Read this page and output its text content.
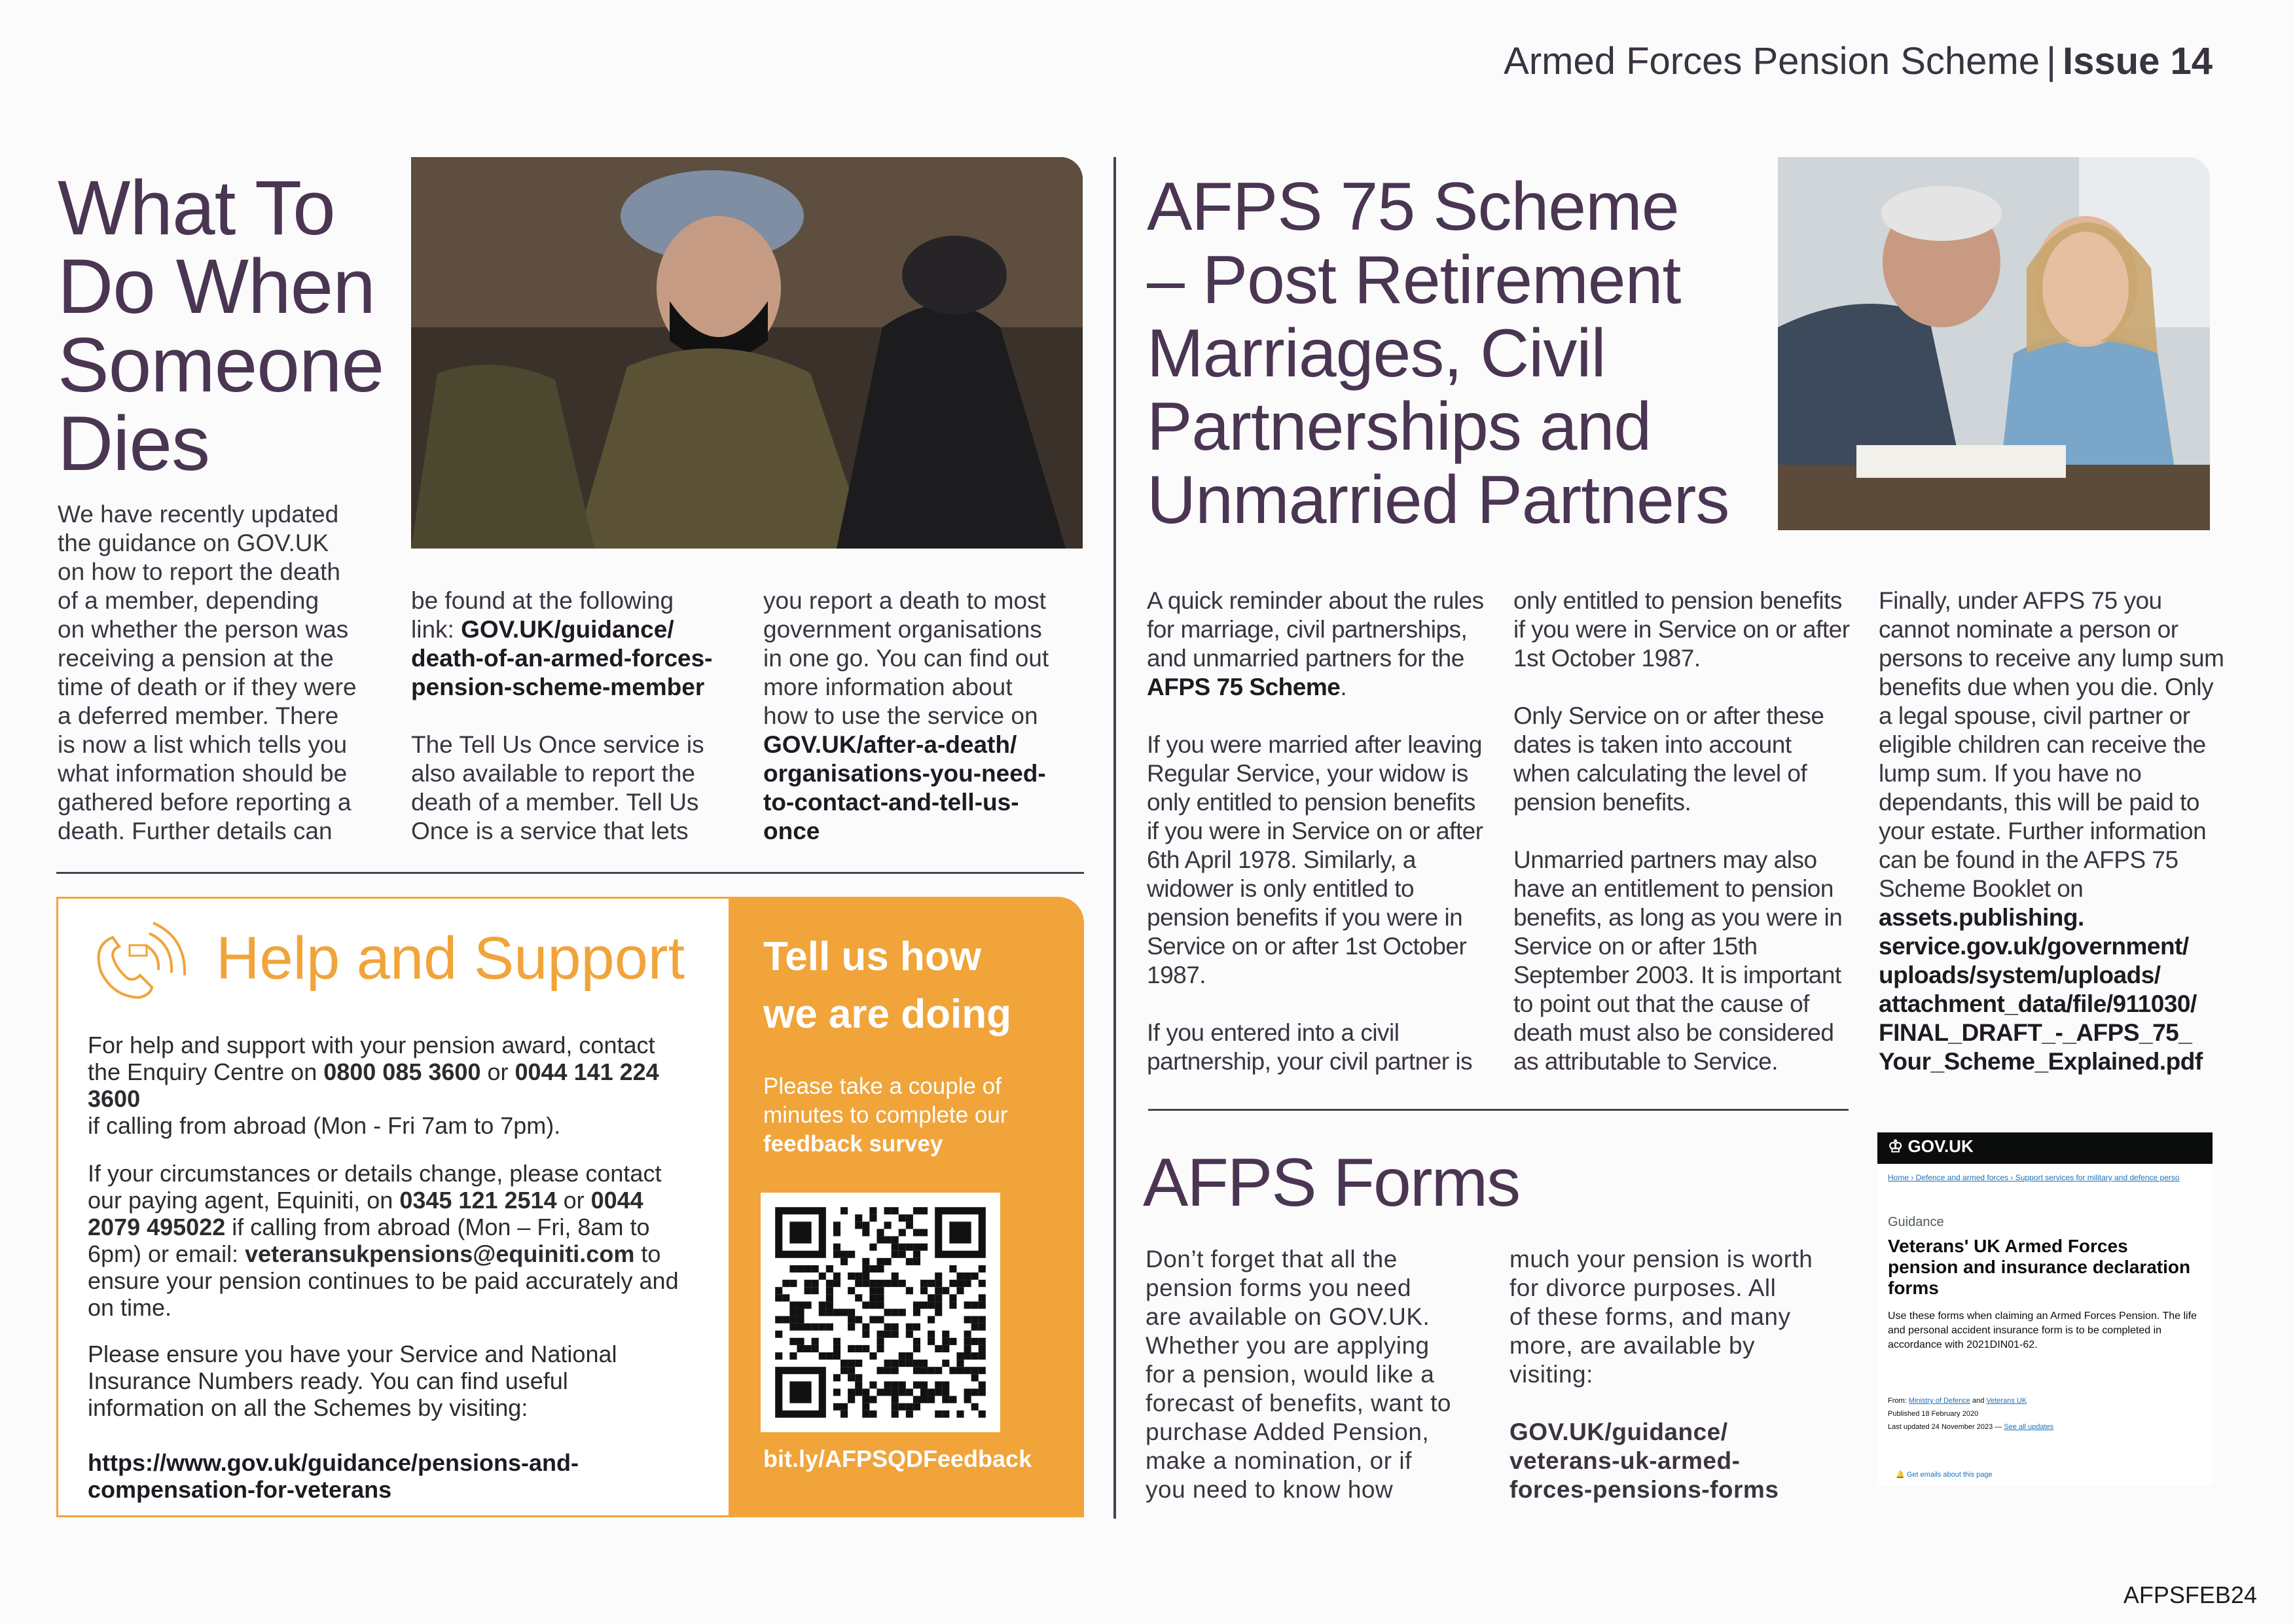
Armed Forces Pension Scheme | Issue 14
What To
Do When
Someone
Dies
We have recently updated
the guidance on GOV.UK
on how to report the death
of a member, depending
on whether the person was
receiving a pension at the
time of death or if they were
a deferred member. There
is now a list which tells you
what information should be
gathered before reporting a
death. Further details can
be found at the following
link: GOV.UK/guidance/
death-of-an-armed-forces-
pension-scheme-member
The Tell Us Once service is
also available to report the
death of a member. Tell Us
Once is a service that lets
you report a death to most
government organisations
in one go. You can find out
more information about
how to use the service on
GOV.UK/after-a-death/
organisations-you-need-
to-contact-and-tell-us-
once
Help and Support
For help and support with your pension award, contact the Enquiry Centre on 0800 085 3600 or 0044 141 224 3600
if calling from abroad (Mon - Fri 7am to 7pm).
If your circumstances or details change, please contact our paying agent, Equiniti, on 0345 121 2514 or 0044 2079 495022 if calling from abroad (Mon – Fri, 8am to 6pm) or email: veteransukpensions@equiniti.com to ensure your pension continues to be paid accurately and on time.
Please ensure you have your Service and National Insurance Numbers ready. You can find useful information on all the Schemes by visiting:
https://www.gov.uk/guidance/pensions-and-compensation-for-veterans
Tell us how
we are doing
Please take a couple of minutes to complete our feedback survey
bit.ly/AFPSQDFeedback
AFPS 75 Scheme
– Post Retirement
Marriages, Civil
Partnerships and
Unmarried Partners

A quick reminder about the rules for marriage, civil partnerships, and unmarried partners for the AFPS 75 Scheme.

If you were married after leaving Regular Service, your widow is only entitled to pension benefits if you were in Service on or after 6th April 1978. Similarly, a widower is only entitled to pension benefits if you were in Service on or after 1st October 1987.

If you entered into a civil partnership, your civil partner is

only entitled to pension benefits if you were in Service on or after 1st October 1987.

Only Service on or after these dates is taken into account when calculating the level of pension benefits.

Unmarried partners may also have an entitlement to pension benefits, as long as you were in Service on or after 15th September 2003. It is important to point out that the cause of death must also be considered as attributable to Service.

Finally, under AFPS 75 you cannot nominate a person or persons to receive any lump sum benefits due when you die. Only a legal spouse, civil partner or eligible children can receive the lump sum. If you have no dependants, this will be paid to your estate. Further information can be found in the AFPS 75 Scheme Booklet on assets.publishing.
service.gov.uk/government/
uploads/system/uploads/
attachment_data/file/911030/
FINAL_DRAFT_-_AFPS_75_
Your_Scheme_Explained.pdf
AFPS Forms
Don’t forget that all the
pension forms you need
are available on GOV.UK.
Whether you are applying
for a pension, would like a
forecast of benefits, want to
purchase Added Pension,
make a nomination, or if
you need to know how
much your pension is worth
for divorce purposes. All
of these forms, and many
more, are available by
visiting:
GOV.UK/guidance/
veterans-uk-armed-
forces-pensions-forms
♔ GOV.UK
Home › Defence and armed forces › Support services for military and defence perso
Guidance
Veterans' UK Armed Forces pension and insurance declaration forms
Use these forms when claiming an Armed Forces Pension. The life and personal accident insurance form is to be completed in accordance with 2021DIN01-62.
From: Ministry of Defence and Veterans UK
Published 18 February 2020
Last updated 24 November 2023 — See all updates
🔔 Get emails about this page
AFPSFEB24
